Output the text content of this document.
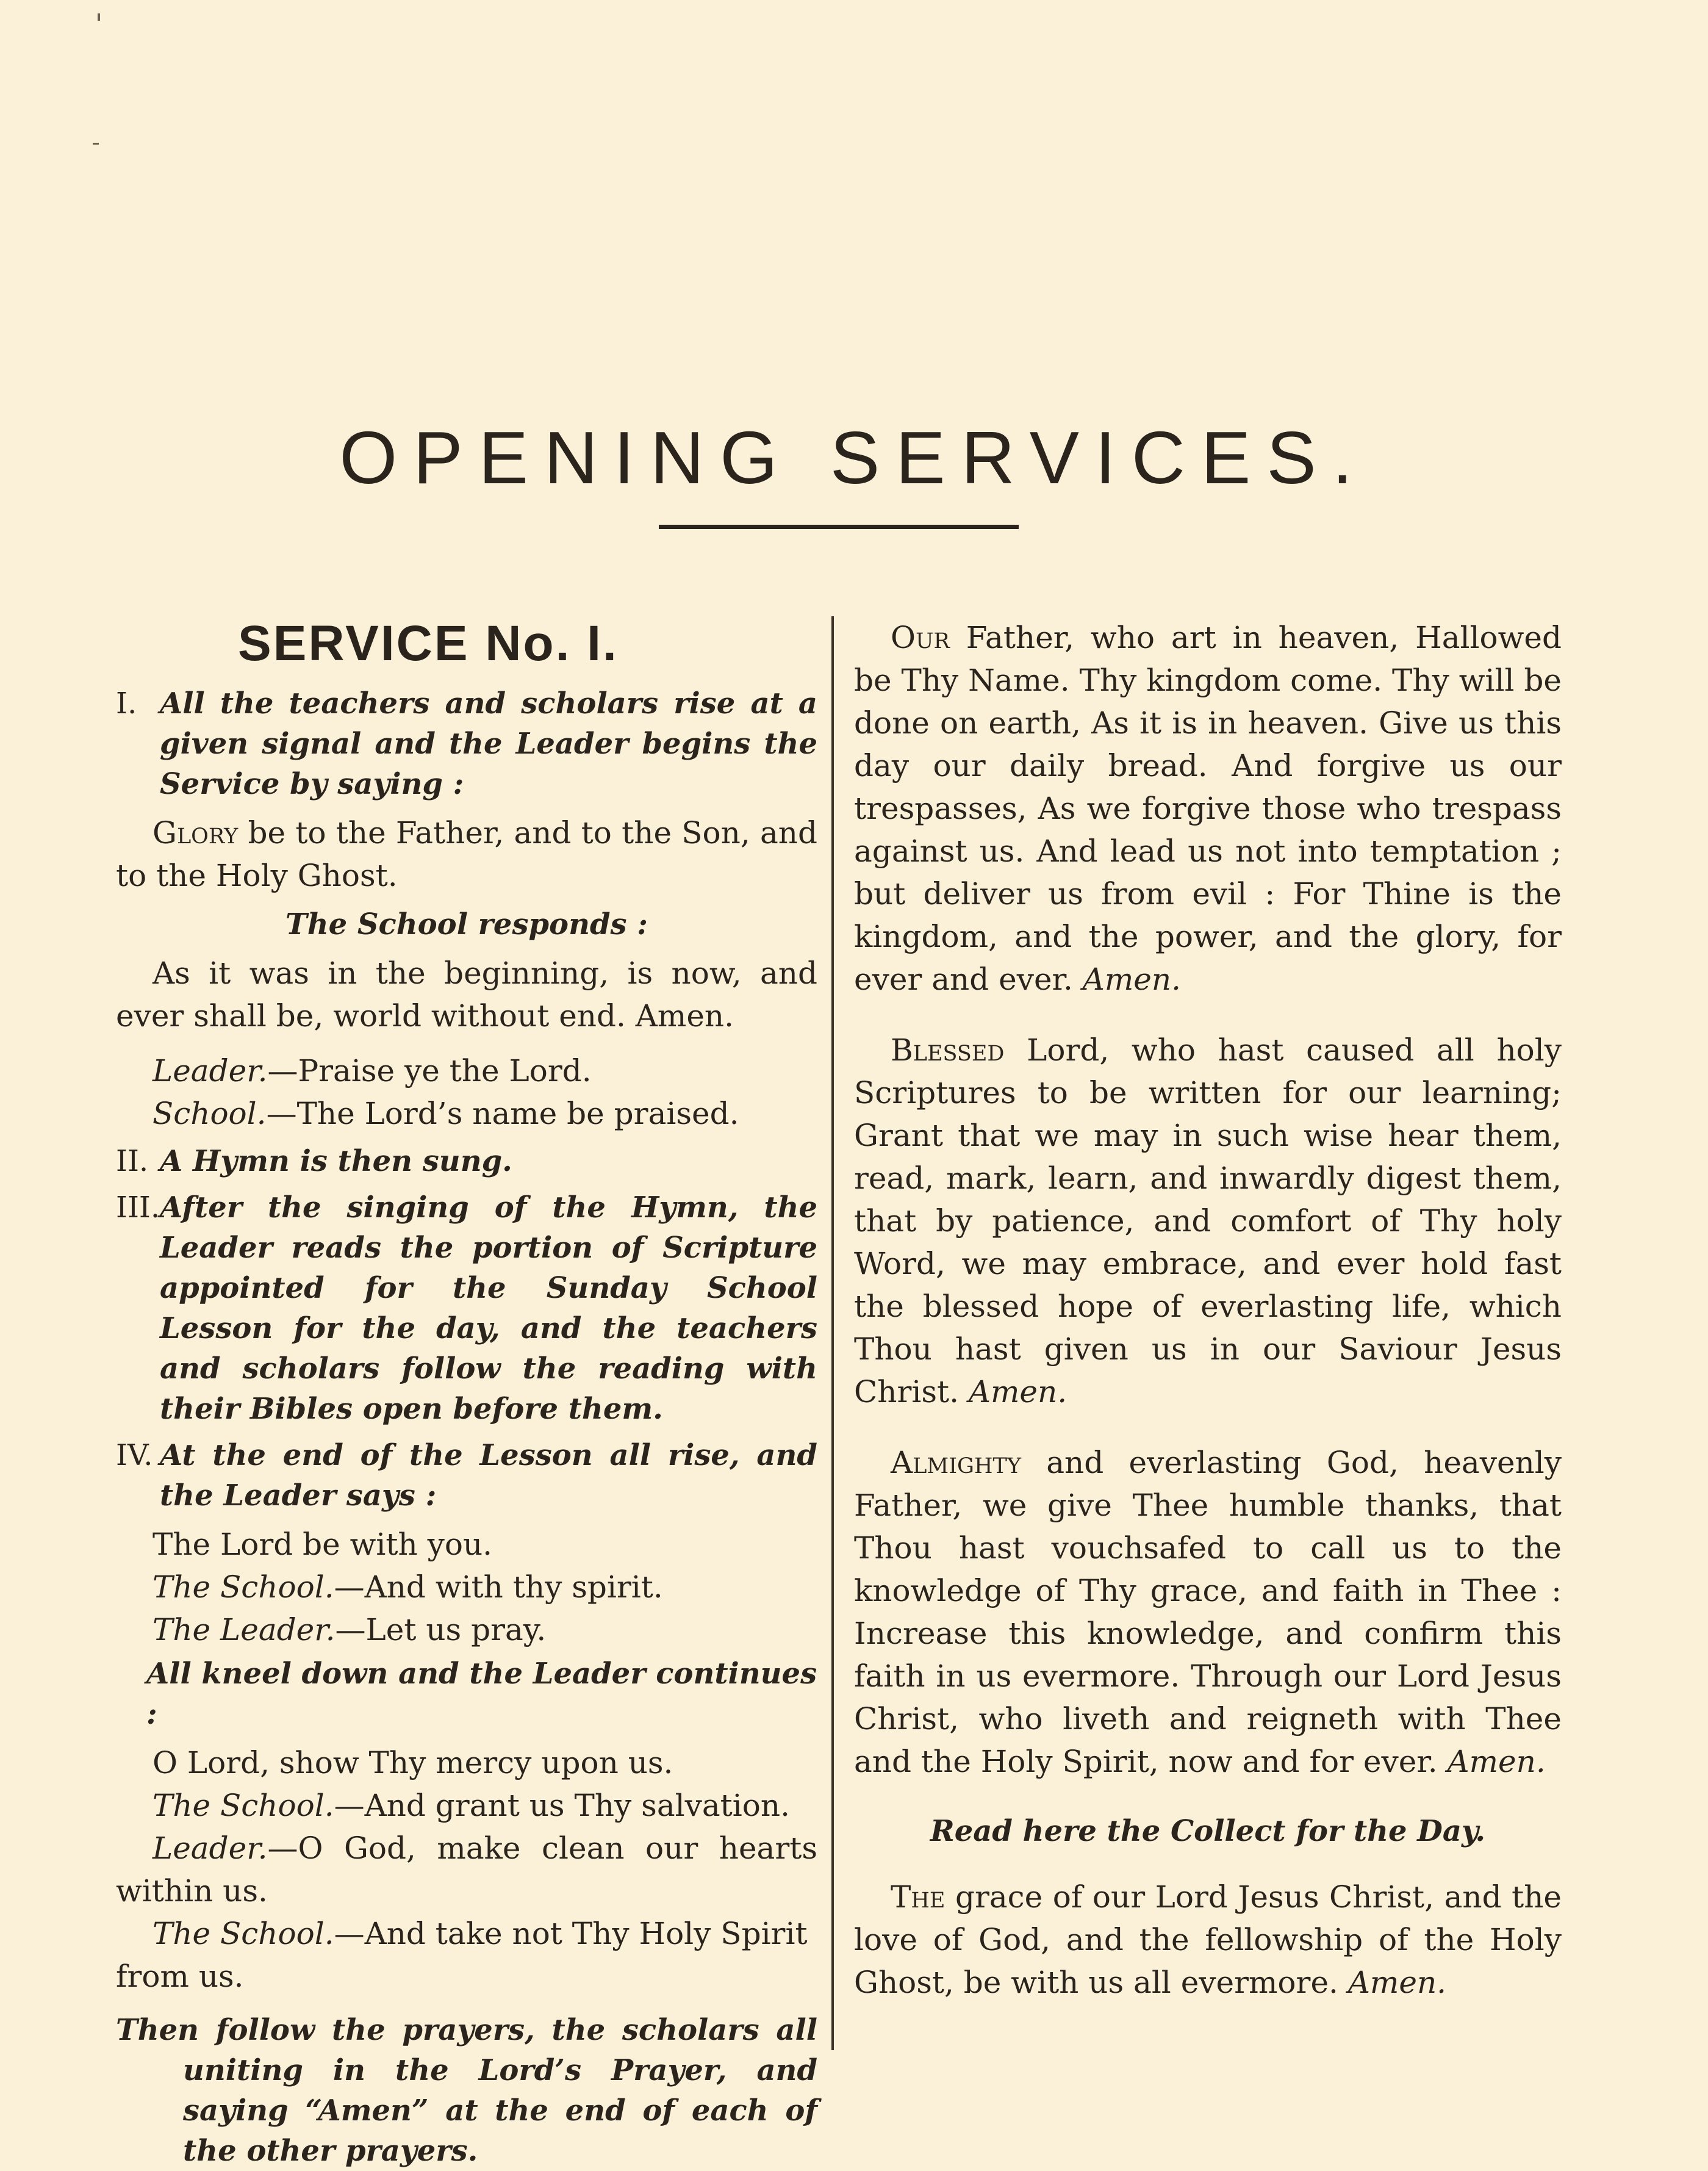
OPENING SERVICES.
SERVICE No. I.
I. All the teachers and scholars rise at a given signal and the Leader begins the Service by saying :

Glory be to the Father, and to the Son, and to the Holy Ghost.

The School responds :

As it was in the beginning, is now, and ever shall be, world without end. Amen.

Leader.—Praise ye the Lord.

School.—The Lord’s name be praised.

II. A Hymn is then sung.
III. After the singing of the Hymn, the Leader reads the portion of Scripture appointed for the Sunday School Lesson for the day, and the teachers and scholars follow the reading with their Bibles open before them.
IV. At the end of the Lesson all rise, and the Leader says :

The Lord be with you.

The School.—And with thy spirit.

The Leader.—Let us pray.

All kneel down and the Leader continues :

O Lord, show Thy mercy upon us.

The School.—And grant us Thy salvation.

Leader.—O God, make clean our hearts within us.

The School.—And take not Thy Holy Spirit from us.

Then follow the prayers, the scholars all uniting in the Lord’s Prayer, and saying “Amen” at the end of each of the other prayers.

Our Father, who art in heaven, Hallowed be Thy Name. Thy kingdom come. Thy will be done on earth, As it is in heaven. Give us this day our daily bread. And forgive us our trespasses, As we forgive those who trespass against us. And lead us not into temptation ; but deliver us from evil : For Thine is the kingdom, and the power, and the glory, for ever and ever. Amen.

Blessed Lord, who hast caused all holy Scriptures to be written for our learning; Grant that we may in such wise hear them, read, mark, learn, and inwardly digest them, that by patience, and comfort of Thy holy Word, we may embrace, and ever hold fast the blessed hope of everlasting life, which Thou hast given us in our Saviour Jesus Christ. Amen.

Almighty and everlasting God, heavenly Father, we give Thee humble thanks, that Thou hast vouchsafed to call us to the knowledge of Thy grace, and faith in Thee : Increase this knowledge, and confirm this faith in us evermore. Through our Lord Jesus Christ, who liveth and reigneth with Thee and the Holy Spirit, now and for ever. Amen.

Read here the Collect for the Day.

The grace of our Lord Jesus Christ, and the love of God, and the fellowship of the Holy Ghost, be with us all evermore. Amen.
